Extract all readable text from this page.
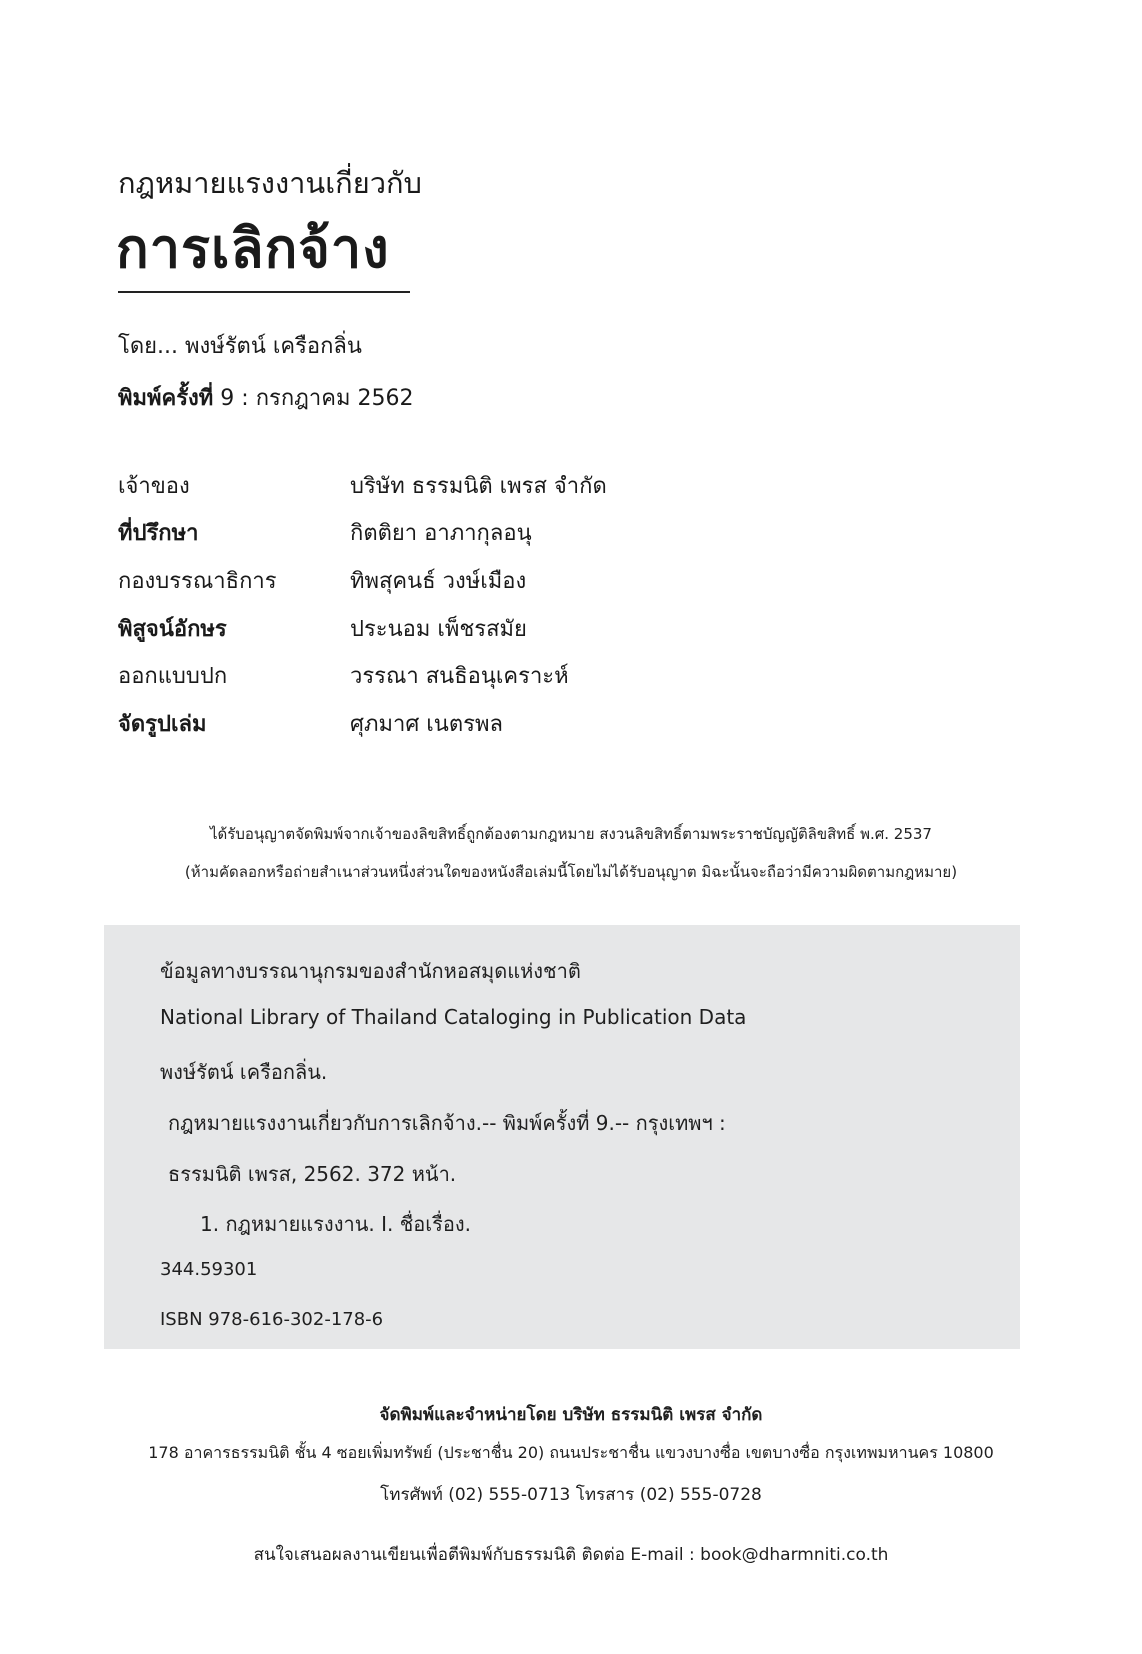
กฎหมายแรงงานเกี่ยวกับ
การเลิกจ้าง
โดย... พงษ์รัตน์ เครือกลิ่น
พิมพ์ครั้งที่ 9 : กรกฎาคม 2562
เจ้าของ	บริษัท ธรรมนิติ เพรส จำกัด
ที่ปรึกษา	กิตติยา อาภากุลอนุ
กองบรรณาธิการ	ทิพสุคนธ์ วงษ์เมือง
พิสูจน์อักษร	ประนอม เพ็ชรสมัย
ออกแบบปก	วรรณา สนธิอนุเคราะห์
จัดรูปเล่ม	ศุภมาศ เนตรพล
ได้รับอนุญาตจัดพิมพ์จากเจ้าของลิขสิทธิ์ถูกต้องตามกฎหมาย สงวนลิขสิทธิ์ตามพระราชบัญญัติลิขสิทธิ์ พ.ศ. 2537
(ห้ามคัดลอกหรือถ่ายสำเนาส่วนหนึ่งส่วนใดของหนังสือเล่มนี้โดยไม่ได้รับอนุญาต มิฉะนั้นจะถือว่ามีความผิดตามกฎหมาย)
ข้อมูลทางบรรณานุกรมของสำนักหอสมุดแห่งชาติ
National Library of Thailand Cataloging in Publication Data
พงษ์รัตน์ เครือกลิ่น.
กฎหมายแรงงานเกี่ยวกับการเลิกจ้าง.-- พิมพ์ครั้งที่ 9.-- กรุงเทพฯ :
ธรรมนิติ เพรส, 2562. 372 หน้า.
1. กฎหมายแรงงาน. I. ชื่อเรื่อง.
344.59301
ISBN 978-616-302-178-6
จัดพิมพ์และจำหน่ายโดย บริษัท ธรรมนิติ เพรส จำกัด
178 อาคารธรรมนิติ ชั้น 4 ซอยเพิ่มทรัพย์ (ประชาชื่น 20) ถนนประชาชื่น แขวงบางซื่อ เขตบางซื่อ กรุงเทพมหานคร 10800
โทรศัพท์ (02) 555-0713 โทรสาร (02) 555-0728
สนใจเสนอผลงานเขียนเพื่อตีพิมพ์กับธรรมนิติ ติดต่อ E-mail : book@dharmniti.co.th
